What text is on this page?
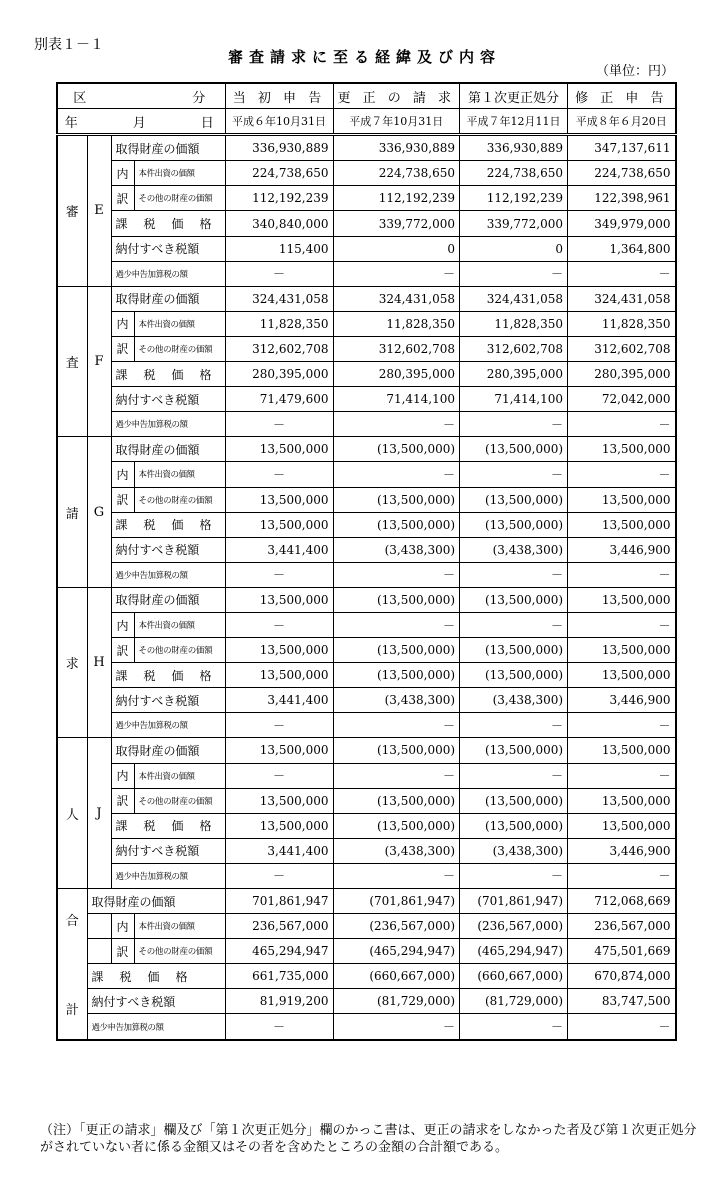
別表１－１
審査請求に至る経緯及び内容
（単位：円）
区　　　　　　分				当 初 申 告	更 正 の 請 求	第１次更正処分	修 正 申 告
年　　　月　　　日				平成６年10月31日	平成７年10月31日	平成７年12月11日	平成８年６月20日
審	E	取得財産の価額		336,930,889	336,930,889	336,930,889	347,137,611
		内	本件出資の価額	224,738,650	224,738,650	224,738,650	224,738,650
		訳	その他の財産の価額	112,192,239	112,192,239	112,192,239	122,398,961
		課　税　価　格		340,840,000	339,772,000	339,772,000	349,979,000
		納付すべき税額		115,400	0	0	1,364,800
		過少申告加算税の額		－	－	－	－
査	F	取得財産の価額		324,431,058	324,431,058	324,431,058	324,431,058
		内	本件出資の価額	11,828,350	11,828,350	11,828,350	11,828,350
		訳	その他の財産の価額	312,602,708	312,602,708	312,602,708	312,602,708
		課　税　価　格		280,395,000	280,395,000	280,395,000	280,395,000
		納付すべき税額		71,479,600	71,414,100	71,414,100	72,042,000
		過少申告加算税の額		－	－	－	－
請	G	取得財産の価額		13,500,000	(13,500,000)	(13,500,000)	13,500,000
		内	本件出資の価額	－	－	－	－
		訳	その他の財産の価額	13,500,000	(13,500,000)	(13,500,000)	13,500,000
		課　税　価　格		13,500,000	(13,500,000)	(13,500,000)	13,500,000
		納付すべき税額		3,441,400	(3,438,300)	(3,438,300)	3,446,900
		過少申告加算税の額		－	－	－	－
求	H	取得財産の価額		13,500,000	(13,500,000)	(13,500,000)	13,500,000
		内	本件出資の価額	－	－	－	－
		訳	その他の財産の価額	13,500,000	(13,500,000)	(13,500,000)	13,500,000
		課　税　価　格		13,500,000	(13,500,000)	(13,500,000)	13,500,000
		納付すべき税額		3,441,400	(3,438,300)	(3,438,300)	3,446,900
		過少申告加算税の額		－	－	－	－
人	J	取得財産の価額		13,500,000	(13,500,000)	(13,500,000)	13,500,000
		内	本件出資の価額	－	－	－	－
		訳	その他の財産の価額	13,500,000	(13,500,000)	(13,500,000)	13,500,000
		課　税　価　格		13,500,000	(13,500,000)	(13,500,000)	13,500,000
		納付すべき税額		3,441,400	(3,438,300)	(3,438,300)	3,446,900
		過少申告加算税の額		－	－	－	－

合
計	取得財産の価額			701,861,947	(701,861,947)	(701,861,947)	712,068,669
		内	本件出資の価額	236,567,000	(236,567,000)	(236,567,000)	236,567,000
		訳	その他の財産の価額	465,294,947	(465,294,947)	(465,294,947)	475,501,669
	課　税　価　格			661,735,000	(660,667,000)	(660,667,000)	670,874,000
	納付すべき税額			81,919,200	(81,729,000)	(81,729,000)	83,747,500
	過少申告加算税の額			－	－	－	－
（注）「更正の請求」欄及び「第１次更正処分」欄のかっこ書は、更正の請求をしなかった者及び第１次更正処分がされていない者に係る金額又はその者を含めたところの金額の合計額である。
